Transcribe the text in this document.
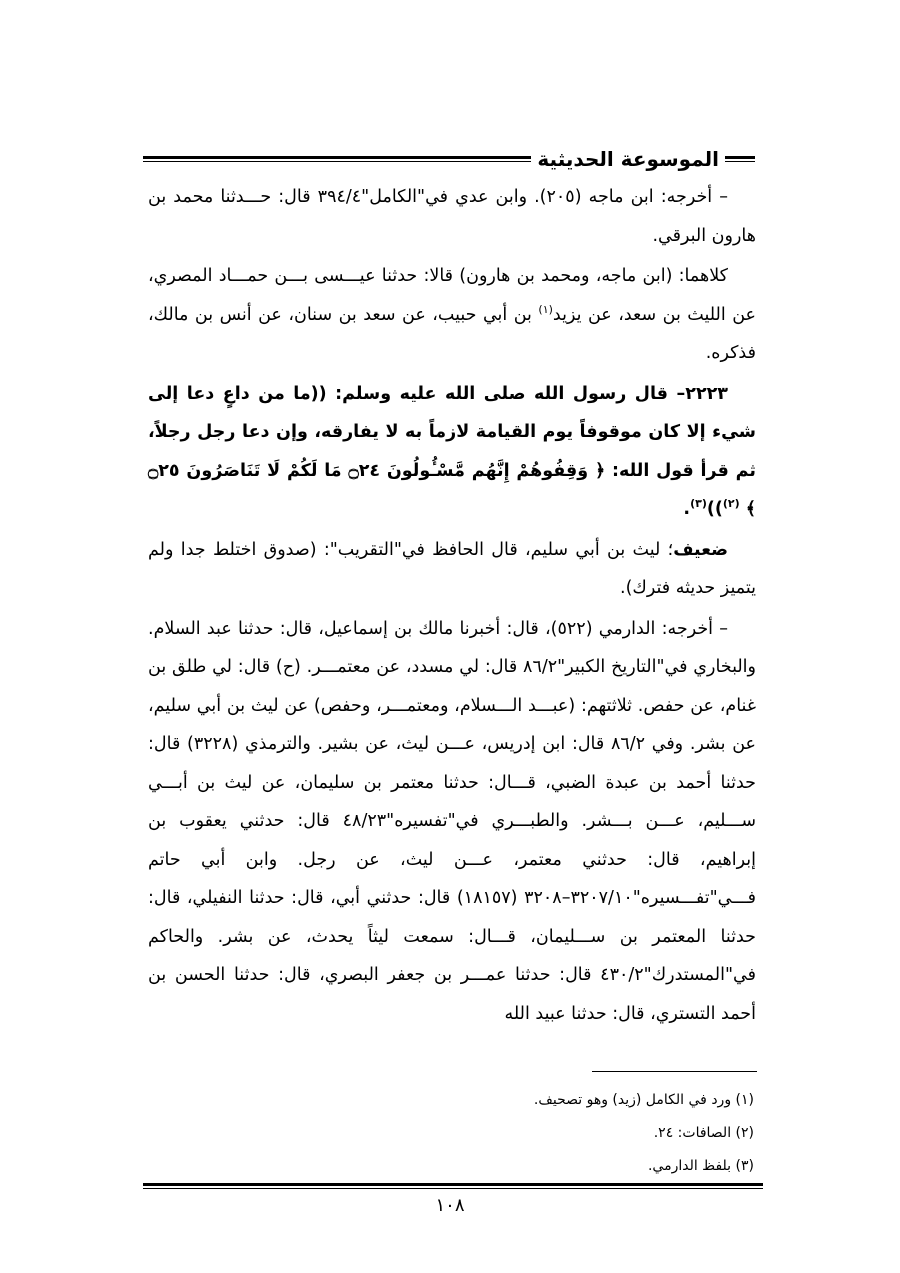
الموسوعة الحديثية

– أخرجه: ابن ماجه (٢٠٥). وابن عدي في"الكامل"٣٩٤/٤ قال: حـــدثنا محمد بن هارون البرقي.

كلاهما: (ابن ماجه، ومحمد بن هارون) قالا: حدثنا عيـــسى بـــن حمـــاد المصري، عن الليث بن سعد، عن يزيد$^{(١)}$ بن أبي حبيب، عن سعد بن سنان، عن أنس بن مالك، فذكره.

٢٢٢٣– قال رسول الله صلى الله عليه وسلم: ((ما من داعٍ دعا إلى شيء إلا كان موقوفاً يوم القيامة لازماً به لا يفارقه، وإن دعا رجل رجلاً، ثم قرأ قول الله: ﴿ وَقِفُوهُمْ إِنَّهُم مَّسْـُٔولُونَ ۝٢٤ مَا لَكُمْ لَا تَنَاصَرُونَ ۝٢٥ ﴾ $^{(٢)}$))$^{(٣)}$.

ضعيف؛ ليث بن أبي سليم، قال الحافظ في"التقريب": (صدوق اختلط جدا ولم يتميز حديثه فترك).

– أخرجه: الدارمي (٥٢٢)، قال: أخبرنا مالك بن إسماعيل، قال: حدثنا عبد السلام. والبخاري في"التاريخ الكبير"٨٦/٢ قال: لي مسدد، عن معتمـــر. (ح) قال: لي طلق بن غنام، عن حفص. ثلاثتهم: (عبـــد الـــسلام، ومعتمـــر، وحفص) عن ليث بن أبي سليم، عن بشر. وفي ٨٦/٢ قال: ابن إدريس، عـــن ليث، عن بشير. والترمذي (٣٢٢٨) قال: حدثنا أحمد بن عبدة الضبي، قـــال: حدثنا معتمر بن سليمان، عن ليث بن أبـــي ســـليم، عـــن بـــشر. والطبـــري في"تفسيره"٤٨/٢٣ قال: حدثني يعقوب بن إبراهيم، قال: حدثني معتمر، عـــن ليث، عن رجل. وابن أبي حاتم فـــي"تفـــسيره"٣٢٠٧/١٠–٣٢٠٨ (١٨١٥٧) قال: حدثني أبي، قال: حدثنا النفيلي، قال: حدثنا المعتمر بن ســـليمان، قـــال: سمعت ليثاً يحدث، عن بشر. والحاكم في"المستدرك"٤٣٠/٢ قال: حدثنا عمـــر بن جعفر البصري، قال: حدثنا الحسن بن أحمد التستري، قال: حدثنا عبيد الله

(١) ورد في الكامل (زيد) وهو تصحيف.
(٢) الصافات: ٢٤.
(٣) بلفظ الدارمي.
١٠٨
